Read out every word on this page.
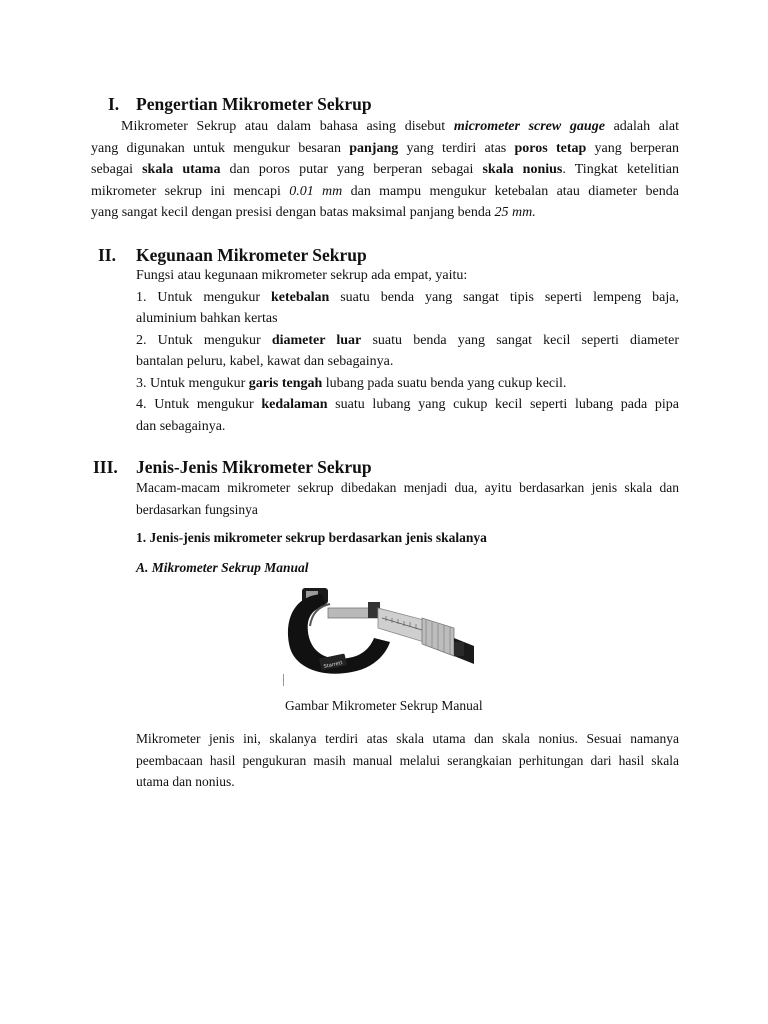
I. Pengertian Mikrometer Sekrup
Mikrometer Sekrup atau dalam bahasa asing disebut micrometer screw gauge adalah alat
yang digunakan untuk mengukur besaran panjang yang terdiri atas poros tetap yang berperan
sebagai skala utama dan poros putar yang berperan sebagai skala nonius. Tingkat ketelitian
mikrometer sekrup ini mencapi 0.01 mm dan mampu mengukur ketebalan atau diameter benda
yang sangat kecil dengan presisi dengan batas maksimal panjang benda 25 mm.
II. Kegunaan Mikrometer Sekrup
Fungsi atau kegunaan mikrometer sekrup ada empat, yaitu:
1. Untuk mengukur ketebalan suatu benda yang sangat tipis seperti lempeng baja,
aluminium bahkan kertas
2. Untuk mengukur diameter luar suatu benda yang sangat kecil seperti diameter
bantalan peluru, kabel, kawat dan sebagainya.
3. Untuk mengukur garis tengah lubang pada suatu benda yang cukup kecil.
4. Untuk mengukur kedalaman suatu lubang yang cukup kecil seperti lubang pada pipa
dan sebagainya.
III. Jenis-Jenis Mikrometer Sekrup
Macam-macam mikrometer sekrup dibedakan menjadi dua, ayitu berdasarkan jenis skala dan
berdasarkan fungsinya
1. Jenis-jenis mikrometer sekrup berdasarkan jenis skalanya
A. Mikrometer Sekrup Manual
Starrett
Gambar Mikrometer Sekrup Manual
Mikrometer jenis ini, skalanya terdiri atas skala utama dan skala nonius. Sesuai namanya
peembacaan hasil pengukuran masih manual melalui serangkaian perhitungan dari hasil skala
utama dan nonius.
